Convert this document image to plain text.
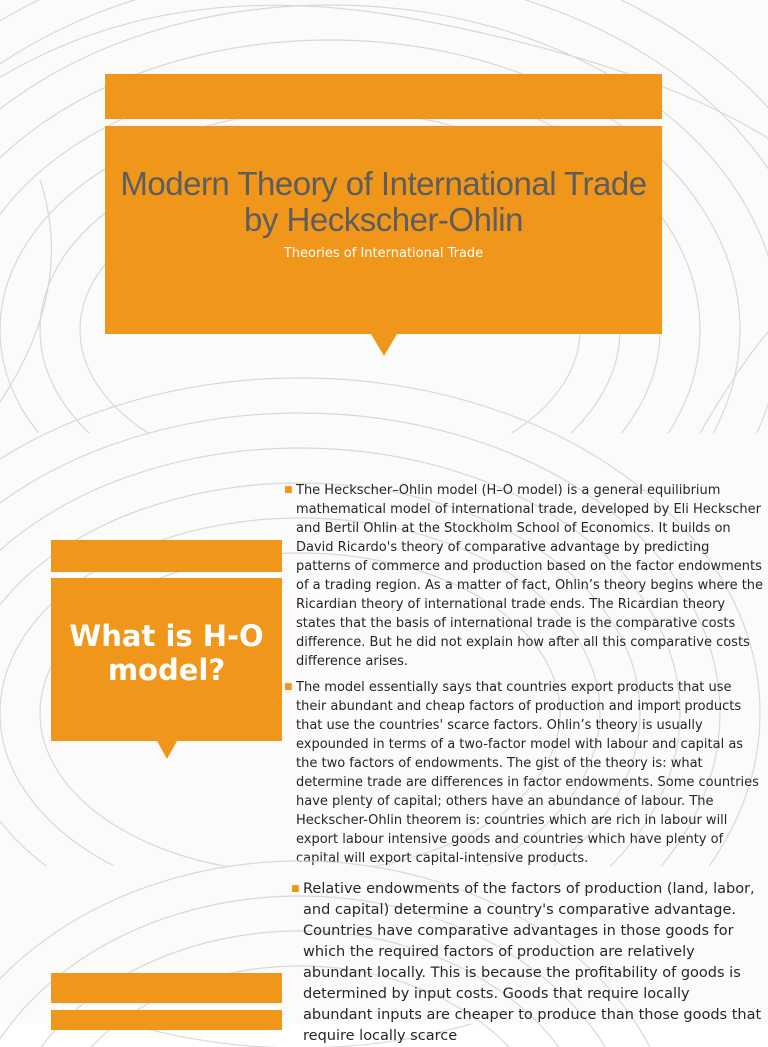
Modern Theory of International Trade by Heckscher-Ohlin
Theories of International Trade
What is H-O model?
■ The Heckscher–Ohlin model (H–O model) is a general equilibrium mathematical model of international trade, developed by Eli Heckscher and Bertil Ohlin at the Stockholm School of Economics. It builds on David Ricardo's theory of comparative advantage by predicting patterns of commerce and production based on the factor endowments of a trading region. As a matter of fact, Ohlin’s theory begins where the Ricardian theory of international trade ends. The Ricardian theory states that the basis of international trade is the comparative costs difference. But he did not explain how after all this comparative costs difference arises.
■ The model essentially says that countries export products that use their abundant and cheap factors of production and import products that use the countries' scarce factors. Ohlin’s theory is usually expounded in terms of a two-factor model with labour and capital as the two factors of endowments. The gist of the theory is: what determine trade are differences in factor endowments. Some countries have plenty of capital; others have an abundance of labour. The Heckscher-Ohlin theorem is: countries which are rich in labour will export labour intensive goods and countries which have plenty of capital will export capital-intensive products.
■ Relative endowments of the factors of production (land, labor, and capital) determine a country's comparative advantage. Countries have comparative advantages in those goods for which the required factors of production are relatively abundant locally. This is because the profitability of goods is determined by input costs. Goods that require locally abundant inputs are cheaper to produce than those goods that require locally scarce
